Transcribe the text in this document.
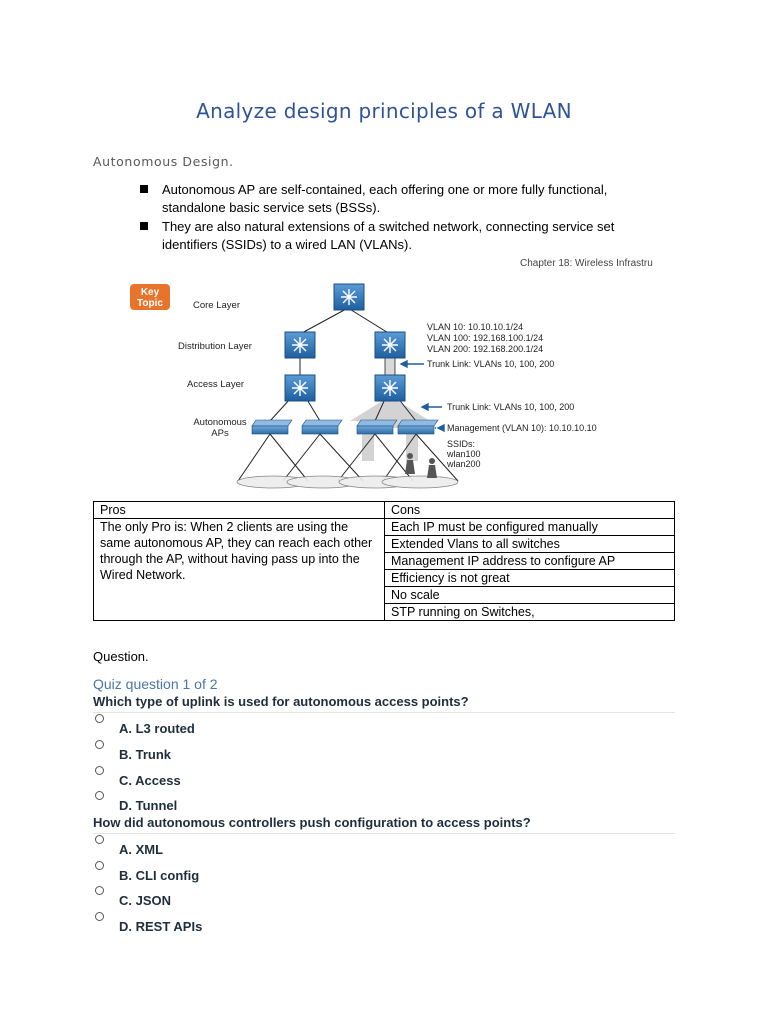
Analyze design principles of a WLAN
Autonomous Design.
Autonomous AP are self-contained, each offering one or more fully functional, standalone basic service sets (BSSs).
They are also natural extensions of a switched network, connecting service set identifiers (SSIDs) to a wired LAN (VLANs).
Chapter 18: Wireless Infrastru
Key
Topic	Core Layer
Distribution Layer
Access Layer
Autonomous
APs
VLAN 10: 10.10.10.1/24
VLAN 100: 192.168.100.1/24
VLAN 200: 192.168.200.1/24
Trunk Link: VLANs 10, 100, 200
Trunk Link: VLANs 10, 100, 200
Management (VLAN 10): 10.10.10.10
SSIDs:
wlan100
wlan200
Pros	Cons
The only Pro is: When 2 clients are using the same autonomous AP, they can reach each other through the AP, without having pass up into the Wired Network.	Each IP must be configured manually
	Extended Vlans to all switches
	Management IP address to configure AP
	Efficiency is not great
	No scale
	STP running on Switches,
Question.
Quiz question 1 of 2
Which type of uplink is used for autonomous access points?
A. L3 routed
B. Trunk
C. Access
D. Tunnel
How did autonomous controllers push configuration to access points?
A. XML
B. CLI config
C. JSON
D. REST APIs
